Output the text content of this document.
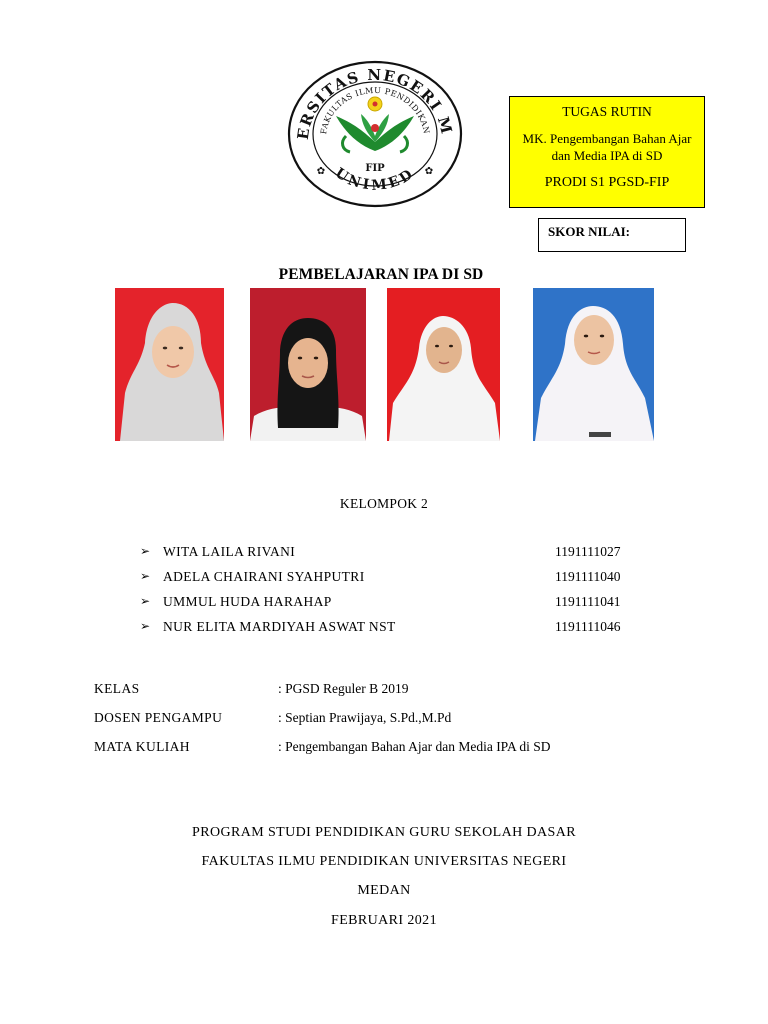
ERSITAS NEGERI M
FAKULTAS ILMU PENDIDIKAN
UNIMED
FIP
✿	✿
TUGAS RUTIN
MK. Pengembangan Bahan Ajar dan Media IPA di SD
PRODI S1 PGSD-FIP
SKOR NILAI:
PEMBELAJARAN IPA DI SD
KELOMPOK 2
➢ WITA LAILA RIVANI	1191111027
➢ ADELA CHAIRANI SYAHPUTRI	1191111040
➢ UMMUL HUDA HARAHAP	1191111041
➢ NUR ELITA MARDIYAH ASWAT NST	1191111046
KELAS	: PGSD Reguler B 2019
DOSEN PENGAMPU	: Septian Prawijaya, S.Pd.,M.Pd
MATA KULIAH	: Pengembangan Bahan Ajar dan Media IPA di SD
PROGRAM STUDI PENDIDIKAN GURU SEKOLAH DASAR
FAKULTAS ILMU PENDIDIKAN UNIVERSITAS NEGERI
MEDAN
FEBRUARI 2021
